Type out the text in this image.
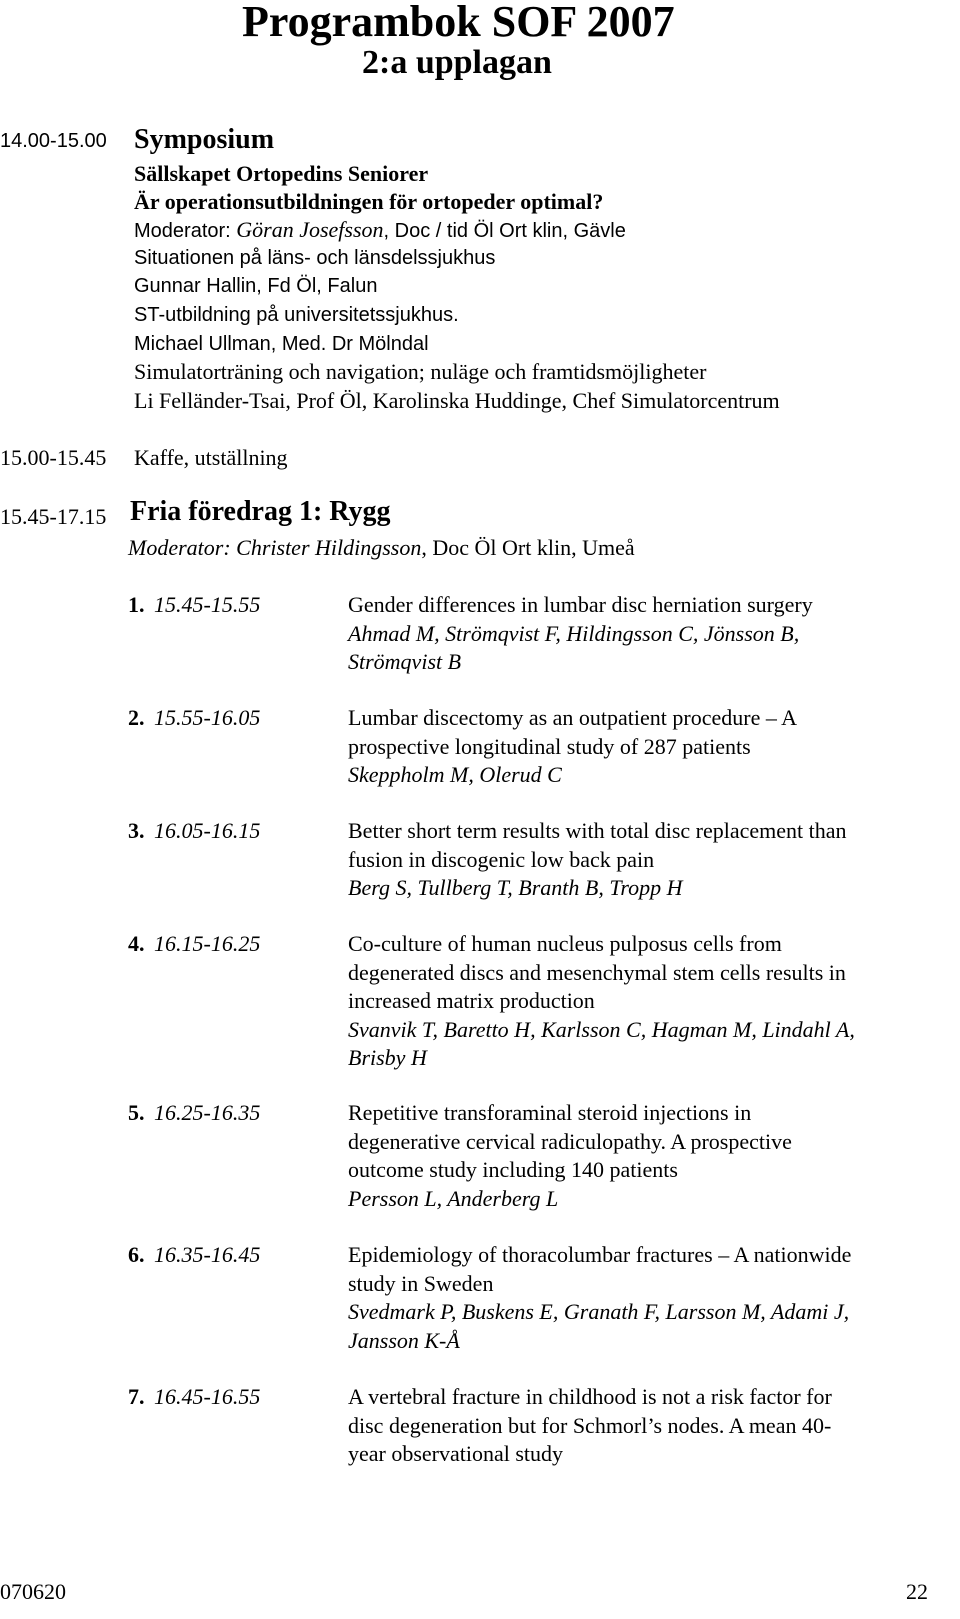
Programbok SOF 2007
2:a upplagan
14.00-15.00 Symposium
Sällskapet Ortopedins Seniorer
Är operationsutbildningen för ortopeder optimal?
Moderator: Göran Josefsson, Doc / tid Öl Ort klin, Gävle
Situationen på läns- och länsdelssjukhus
Gunnar Hallin, Fd Öl, Falun
ST-utbildning på universitetssjukhus.
Michael Ullman, Med. Dr Mölndal
Simulatorträning och navigation; nuläge och framtidsmöjligheter
Li Felländer-Tsai, Prof Öl, Karolinska Huddinge, Chef Simulatorcentrum
15.00-15.45 Kaffe, utställning
15.45-17.15 Fria föredrag 1: Rygg
Moderator: Christer Hildingsson, Doc Öl Ort klin, Umeå
1. 15.45-15.55	Gender differences in lumbar disc herniation surgery
Ahmad M, Strömqvist F, Hildingsson C, Jönsson B,
Strömqvist B
2. 15.55-16.05	Lumbar discectomy as an outpatient procedure – A
prospective longitudinal study of 287 patients
Skeppholm M, Olerud C
3. 16.05-16.15	Better short term results with total disc replacement than
fusion in discogenic low back pain
Berg S, Tullberg T, Branth B, Tropp H
4. 16.15-16.25	Co-culture of human nucleus pulposus cells from
degenerated discs and mesenchymal stem cells results in
increased matrix production
Svanvik T, Baretto H, Karlsson C, Hagman M, Lindahl A,
Brisby H
5. 16.25-16.35	Repetitive transforaminal steroid injections in
degenerative cervical radiculopathy. A prospective
outcome study including 140 patients
Persson L, Anderberg L
6. 16.35-16.45	Epidemiology of thoracolumbar fractures – A nationwide
study in Sweden
Svedmark P, Buskens E, Granath F, Larsson M, Adami J,
Jansson K-Å
7. 16.45-16.55	A vertebral fracture in childhood is not a risk factor for
disc degeneration but for Schmorl’s nodes. A mean 40-
year observational study
070620	22
